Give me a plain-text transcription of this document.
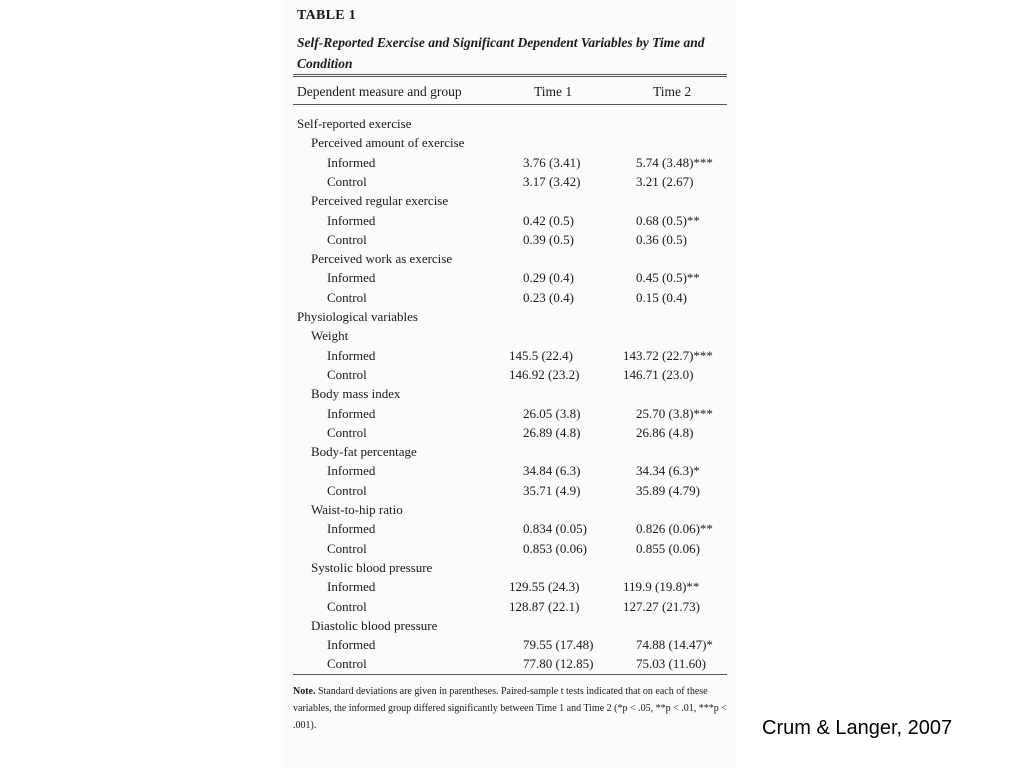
TABLE 1
Self-Reported Exercise and Significant Dependent Variables by Time and Condition
Dependent measure and group	Time 1	Time 2
Self-reported exercise
Perceived amount of exercise
Informed	3.76 (3.41)	5.74 (3.48)***
Control	3.17 (3.42)	3.21 (2.67)
Perceived regular exercise
Informed	0.42 (0.5)	0.68 (0.5)**
Control	0.39 (0.5)	0.36 (0.5)
Perceived work as exercise
Informed	0.29 (0.4)	0.45 (0.5)**
Control	0.23 (0.4)	0.15 (0.4)
Physiological variables
Weight
Informed	145.5 (22.4)	143.72 (22.7)***
Control	146.92 (23.2)	146.71 (23.0)
Body mass index
Informed	26.05 (3.8)	25.70 (3.8)***
Control	26.89 (4.8)	26.86 (4.8)
Body-fat percentage
Informed	34.84 (6.3)	34.34 (6.3)*
Control	35.71 (4.9)	35.89 (4.79)
Waist-to-hip ratio
Informed	0.834 (0.05)	0.826 (0.06)**
Control	0.853 (0.06)	0.855 (0.06)
Systolic blood pressure
Informed	129.55 (24.3)	119.9 (19.8)**
Control	128.87 (22.1)	127.27 (21.73)
Diastolic blood pressure
Informed	79.55 (17.48)	74.88 (14.47)*
Control	77.80 (12.85)	75.03 (11.60)
Note. Standard deviations are given in parentheses. Paired-sample t tests indicated that on each of these variables, the informed group differed significantly between Time 1 and Time 2 (*p < .05, **p < .01, ***p < .001).	Crum & Langer, 2007
